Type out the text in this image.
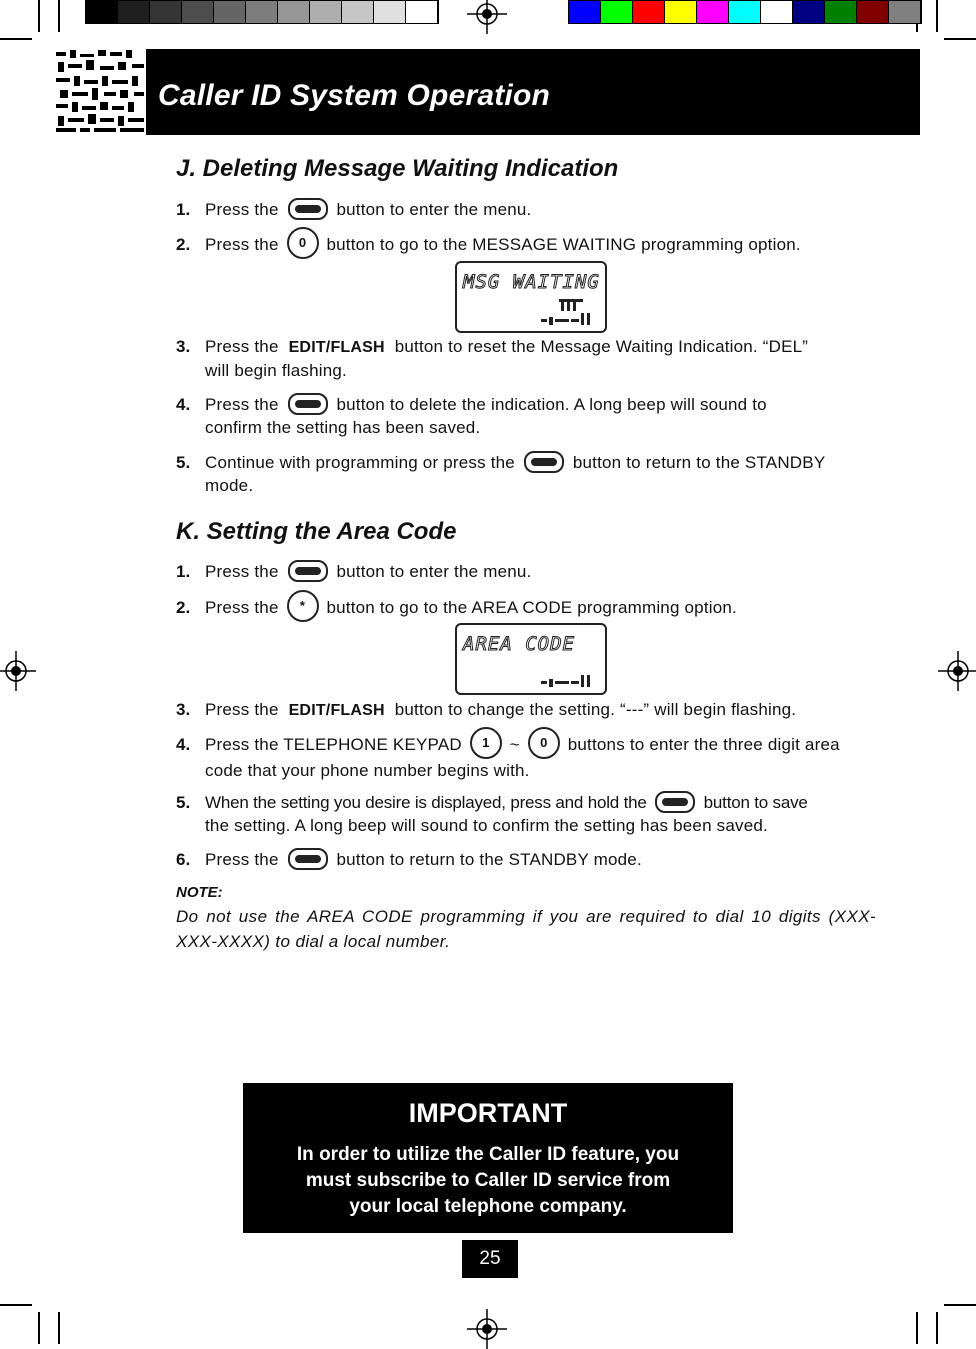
Caller ID System Operation
J. Deleting Message Waiting Indication
1. Press the	button to enter the menu.
2. Press the 0 button to go to the MESSAGE WAITING programming option.
MSG WAITING
3. Press the EDIT/FLASH button to reset the Message Waiting Indication. “DEL”
will begin flashing.
4. Press the	button to delete the indication. A long beep will sound to
confirm the setting has been saved.
5. Continue with programming or press the	button to return to the STANDBY
mode.
K. Setting the Area Code
1. Press the	button to enter the menu.
2. Press the * button to go to the AREA CODE programming option.
AREA CODE
3. Press the EDIT/FLASH button to change the setting. “---” will begin flashing.
4. Press the TELEPHONE KEYPAD 1 ~ 0 buttons to enter the three digit area
code that your phone number begins with.
5. When the setting you desire is displayed, press and hold the	button to save
the setting. A long beep will sound to confirm the setting has been saved.
6. Press the	button to return to the STANDBY mode.
NOTE:
Do not use the AREA CODE programming if you are required to dial 10 digits (XXX-XXX-XXXX) to dial a local number.
IMPORTANT
In order to utilize the Caller ID feature, you
must subscribe to Caller ID service from
your local telephone company.
25
